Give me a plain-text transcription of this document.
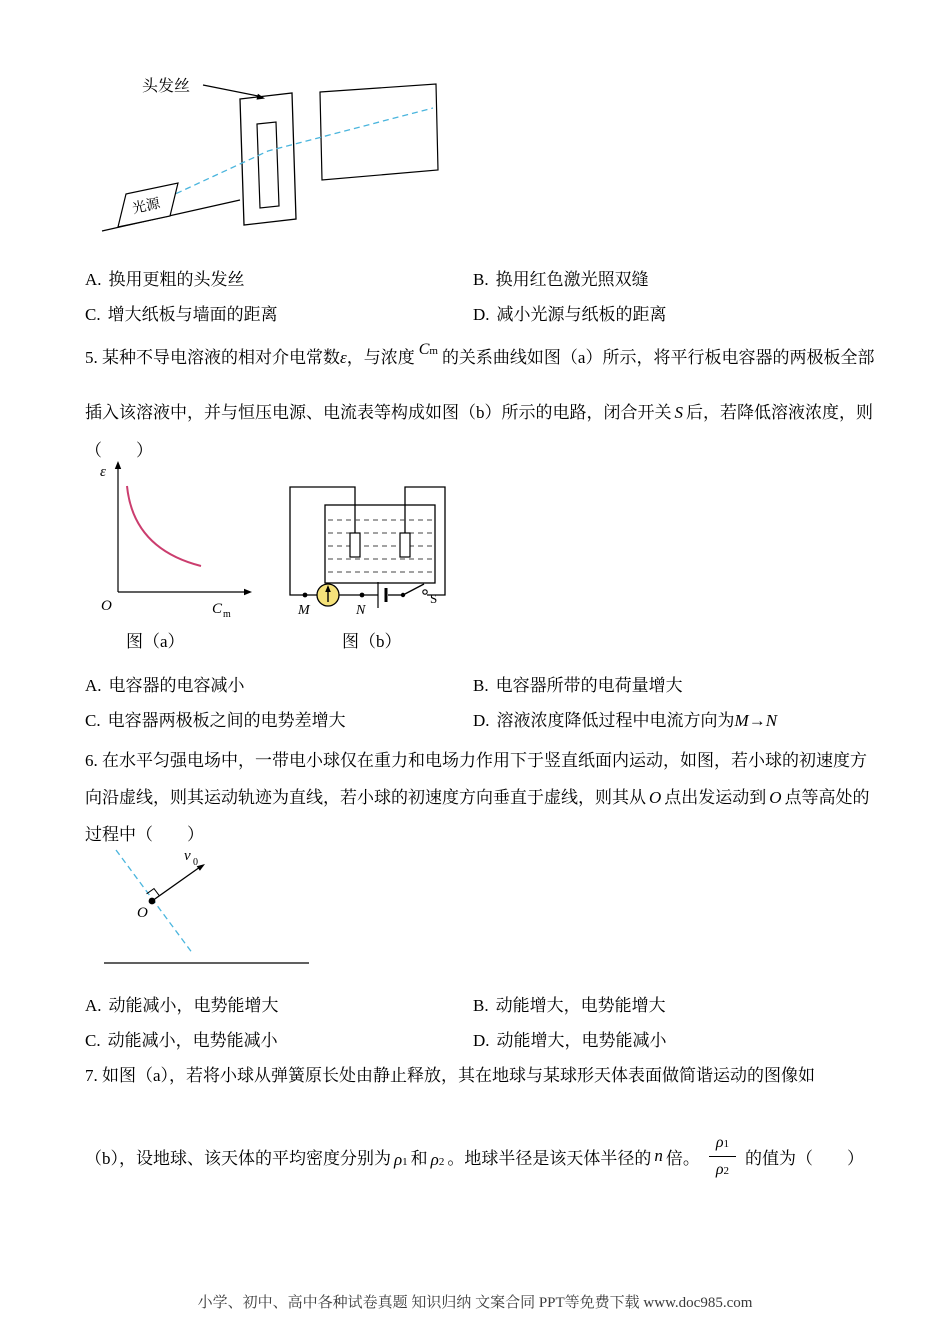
头发丝
光源
A. 换用更粗的头发丝	B. 换用红色激光照双缝
C. 增大纸板与墙面的距离	D. 减小光源与纸板的距离
5. 某种不导电溶液的相对介电常数ε，与浓度 Cm 的关系曲线如图（a）所示，将平行板电容器的两极板全部
插入该溶液中，并与恒压电源、电流表等构成如图（b）所示的电路，闭合开关 S 后，若降低溶液浓度，则
（　　）
ε
O	C m	M	N
S
图（a）	图（b）
A. 电容器的电容减小	B. 电容器所带的电荷量增大
C. 电容器两极板之间的电势差增大	D. 溶液浓度降低过程中电流方向为M→N
6. 在水平匀强电场中，一带电小球仅在重力和电场力作用下于竖直纸面内运动，如图，若小球的初速度方
向沿虚线，则其运动轨迹为直线，若小球的初速度方向垂直于虚线，则其从 O 点出发运动到 O 点等高处的
过程中（　　）
v 0
O
A. 动能减小，电势能增大	B. 动能增大，电势能增大
C. 动能减小，电势能减小	D. 动能增大，电势能减小
7. 如图（a），若将小球从弹簧原长处由静止释放，其在地球与某球形天体表面做简谐运动的图像如
（b），设地球、该天体的平均密度分别为 ρ1 和 ρ2 。地球半径是该天体半径的 n 倍。 $\frac{\rho 1}{\rho 2}$ 的值为（　　）
小学、初中、高中各种试卷真题 知识归纳 文案合同 PPT等免费下载 www.doc985.com
